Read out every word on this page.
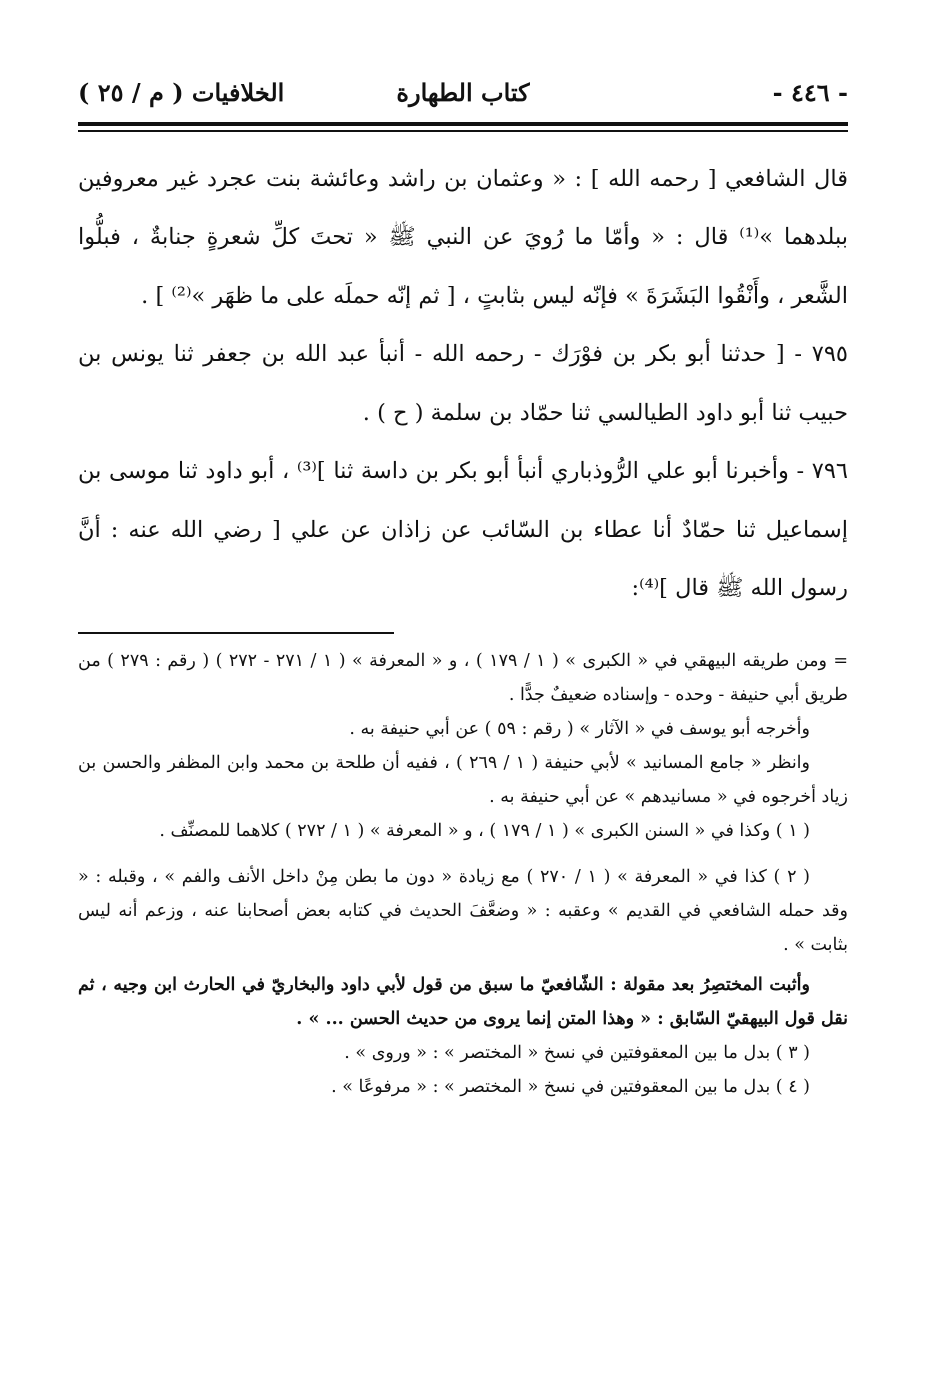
- ٤٤٦ -
كتاب الطهارة
الخلافيات ( م / ٢٥ )

قال الشافعي [ رحمه الله ] : « وعثمان بن راشد وعائشة بنت عجرد غير معروفين ببلدهما »⁽¹⁾ قال : « وأمّا ما رُويَ عن النبي ﷺ « تحتَ كلِّ شعرةٍ جنابةٌ ، فبلُّوا الشَّعر ، وأَنْقُوا البَشَرَةَ » فإنّه ليس بثابتٍ ، [ ثم إنّه حملَه على ما ظهَر »⁽²⁾ ] .

٧٩٥ - [ حدثنا أبو بكر بن فوْرَك - رحمه الله - أنبأ عبد الله بن جعفر ثنا يونس بن حبيب ثنا أبو داود الطيالسي ثنا حمّاد بن سلمة ( ح ) .

٧٩٦ - وأخبرنا أبو علي الرُّوذباري أنبأ أبو بكر بن داسة ثنا ]⁽³⁾ ، أبو داود ثنا موسى بن إسماعيل ثنا حمّادٌ أنا عطاء بن السّائب عن زاذان عن علي [ رضي الله عنه : أنَّ رسول الله ﷺ قال ]⁽⁴⁾:

= ومن طريقه البيهقي في « الكبرى » ( ١ / ١٧٩ ) ، و « المعرفة » ( ١ / ٢٧١ - ٢٧٢ ) ( رقم : ٢٧٩ ) من طريق أبي حنيفة - وحده - وإسناده ضعيفٌ جدًّا .

وأخرجه أبو يوسف في « الآثار » ( رقم : ٥٩ ) عن أبي حنيفة به .

وانظر « جامع المسانيد » لأبي حنيفة ( ١ / ٢٦٩ ) ، ففيه أن طلحة بن محمد وابن المظفر والحسن بن زياد أخرجوه في « مسانيدهم » عن أبي حنيفة به .

( ١ ) وكذا في « السنن الكبرى » ( ١ / ١٧٩ ) ، و « المعرفة » ( ١ / ٢٧٢ ) كلاهما للمصنِّف .

( ٢ ) كذا في « المعرفة » ( ١ / ٢٧٠ ) مع زيادة « دون ما بطن مِنْ داخل الأنف والفم » ، وقبله : « وقد حمله الشافعي في القديم » وعقبه : « وضعَّفَ الحديث في كتابه بعض أصحابنا عنه ، وزعم أنه ليس بثابت » .

وأثبت المختصِرُ بعد مقولة : الشّافعيّ ما سبق من قول لأبي داود والبخاريّ في الحارث ابن وجيه ، ثم نقل قول البيهقيّ السّابق : « وهذا المتن إنما يروى من حديث الحسن ... » .

( ٣ ) بدل ما بين المعقوفتين في نسخ « المختصر » : « وروى » .

( ٤ ) بدل ما بين المعقوفتين في نسخ « المختصر » : « مرفوعًا » .
